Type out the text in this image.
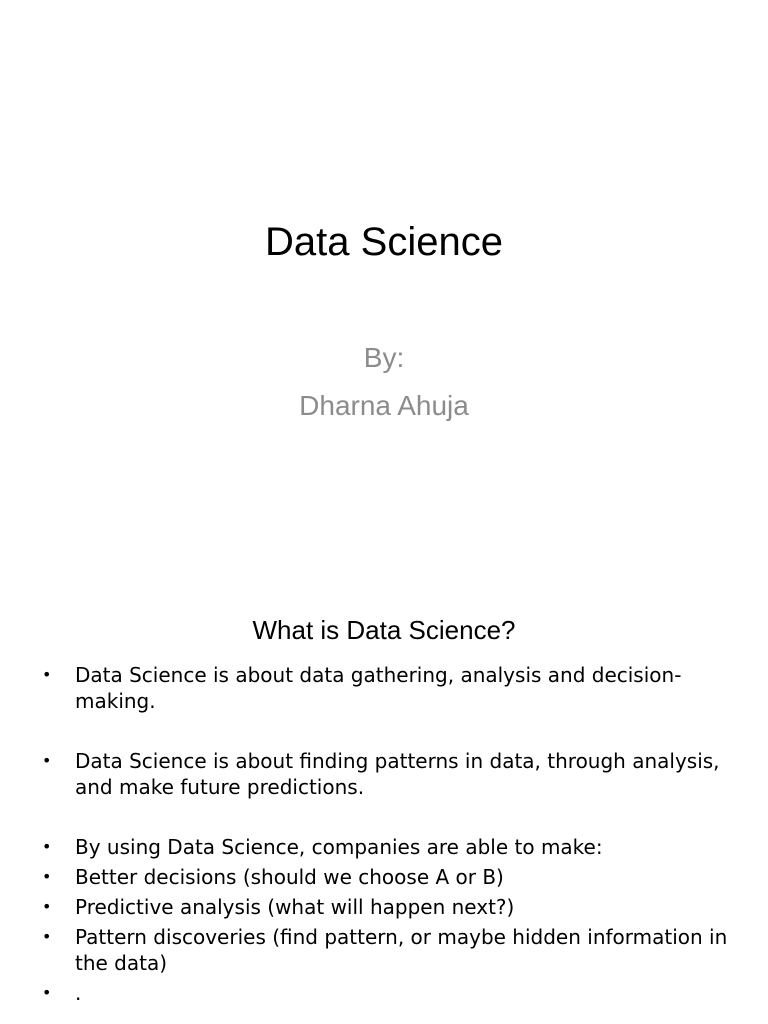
Data Science
By:
Dharna Ahuja
What is Data Science?
• Data Science is about data gathering, analysis and decision-making.
• Data Science is about finding patterns in data, through analysis, and make future predictions.
• By using Data Science, companies are able to make:
• Better decisions (should we choose A or B)
• Predictive analysis (what will happen next?)
• Pattern discoveries (find pattern, or maybe hidden information in the data)
• .
